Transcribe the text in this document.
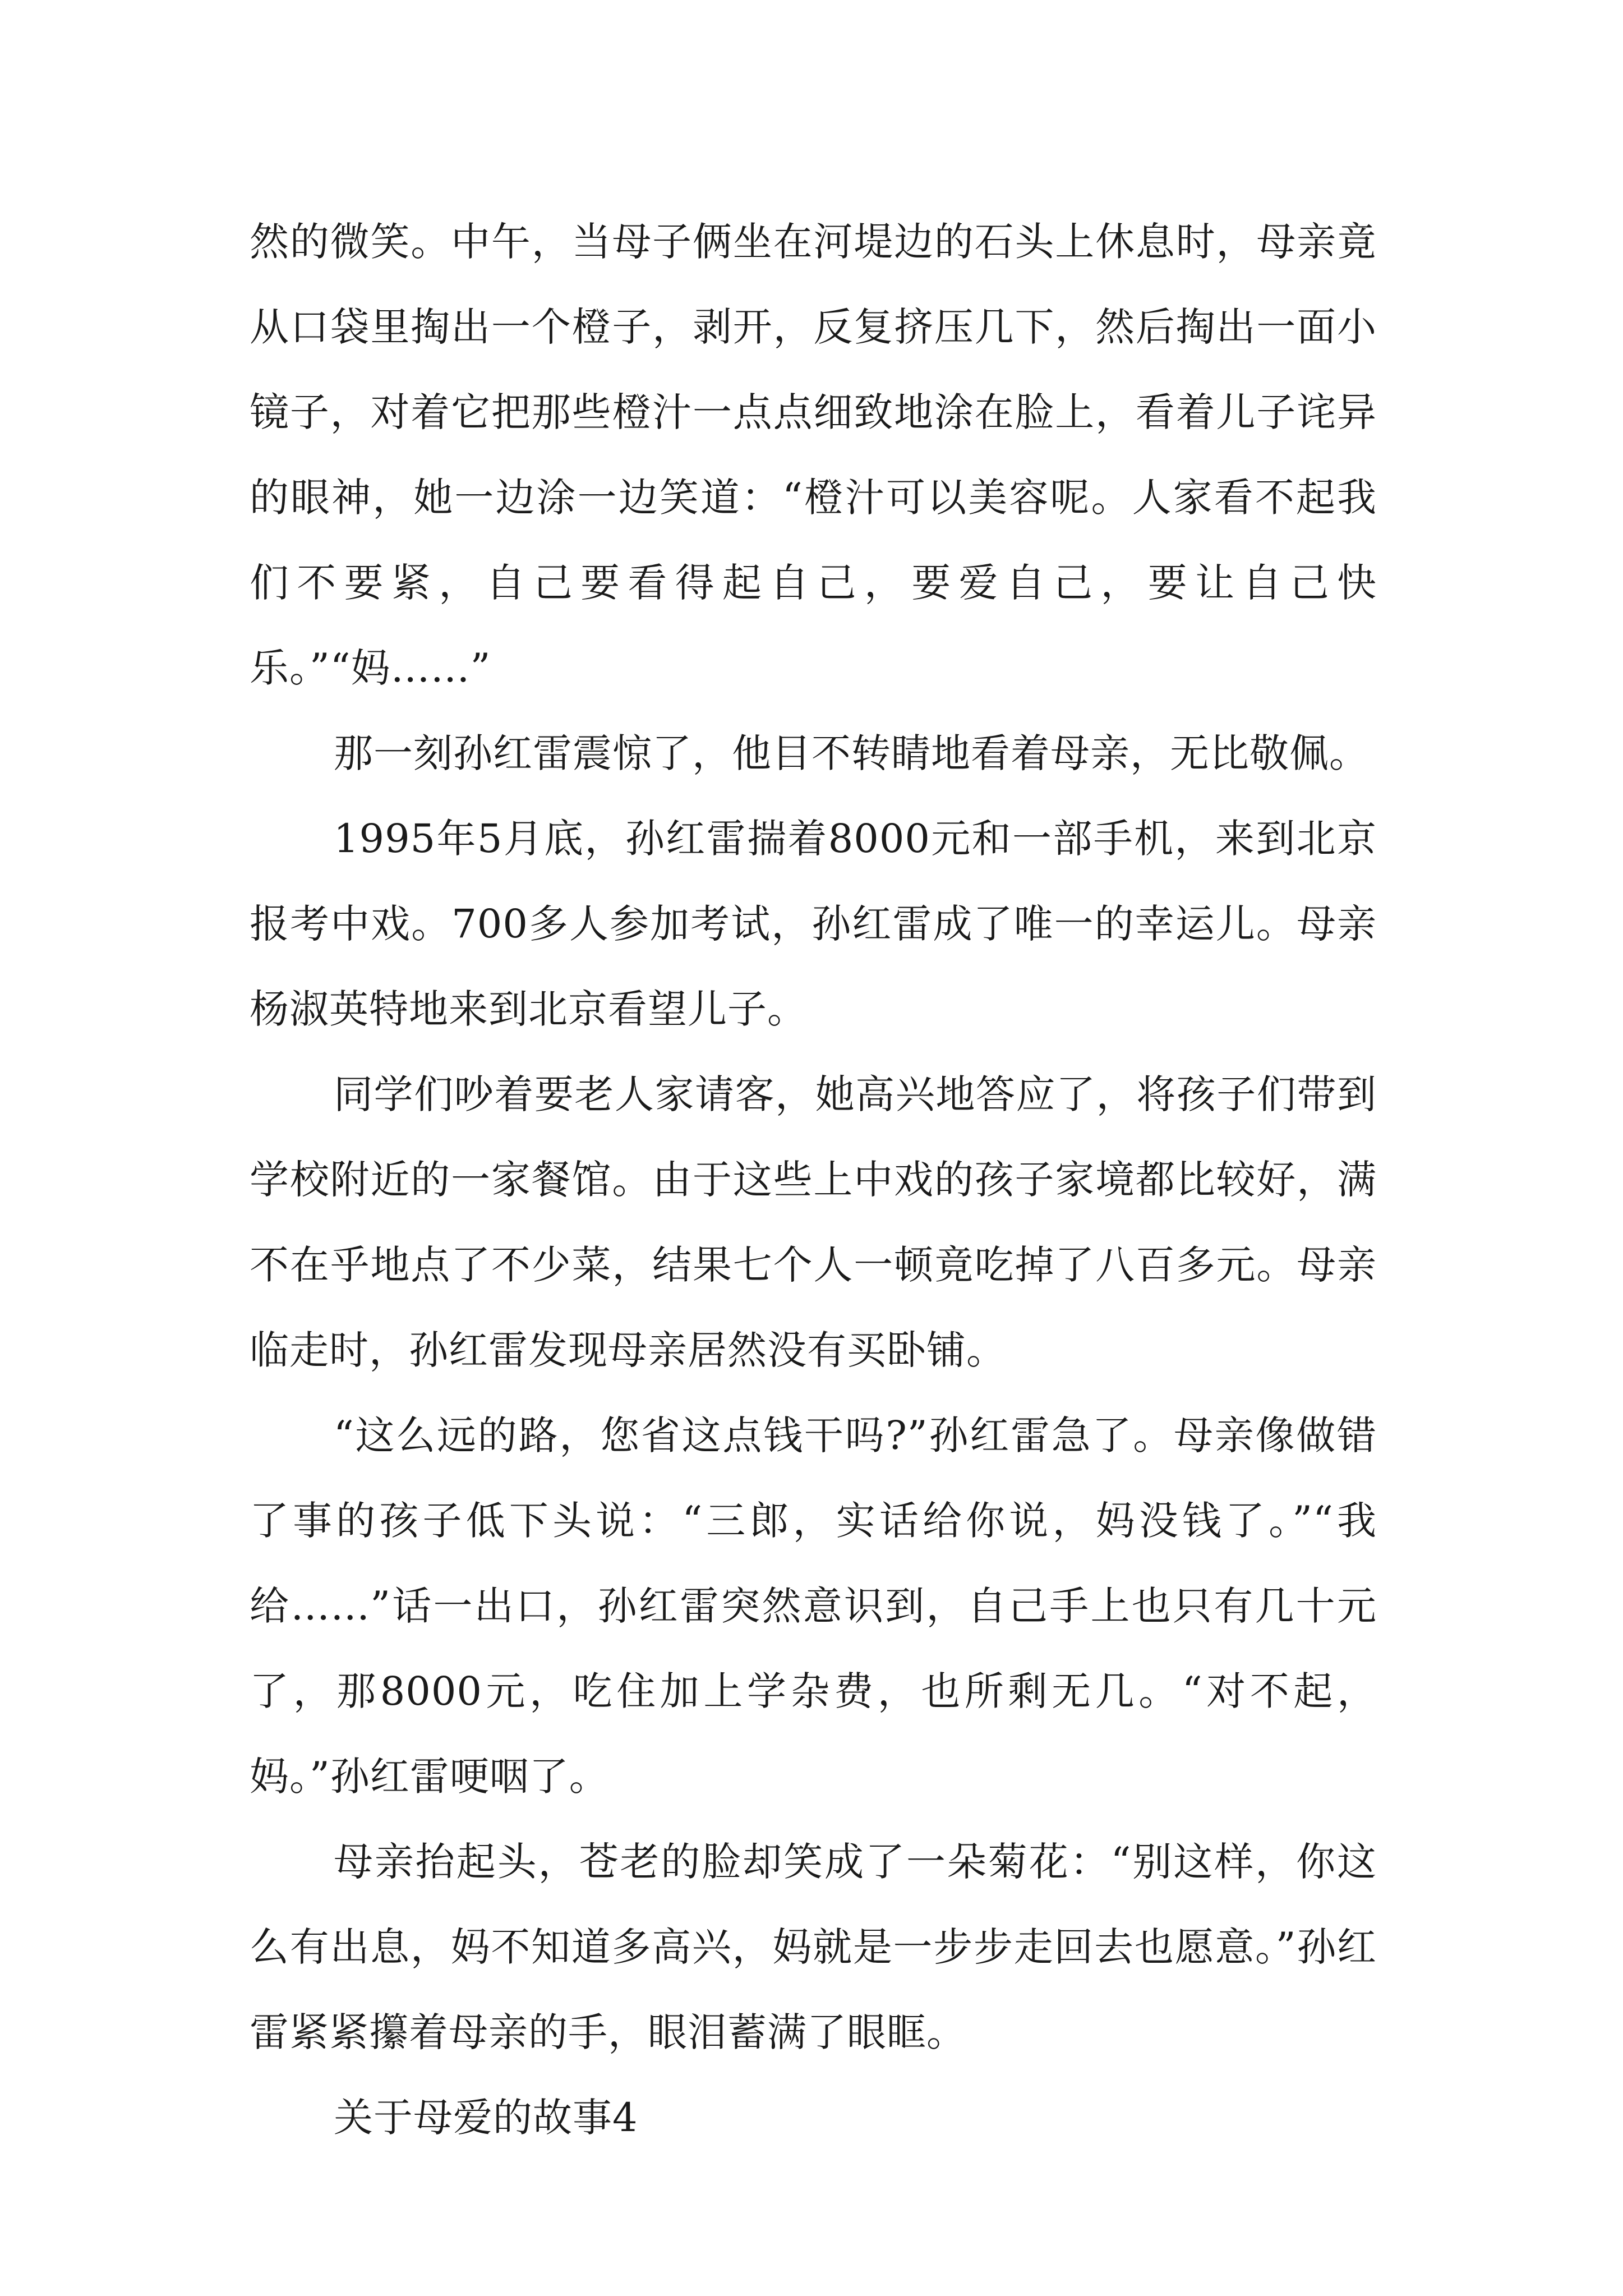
然的微笑。中午，当母子俩坐在河堤边的石头上休息时，母亲竟从口袋里掏出一个橙子，剥开，反复挤压几下，然后掏出一面小镜子，对着它把那些橙汁一点点细致地涂在脸上，看着儿子诧异的眼神，她一边涂一边笑道：“橙汁可以美容呢。人家看不起我们不要紧，自己要看得起自己，要爱自己，要让自己快乐。”“妈……”

那一刻孙红雷震惊了，他目不转睛地看着母亲，无比敬佩。

1995年5月底，孙红雷揣着8000元和一部手机，来到北京报考中戏。700多人参加考试，孙红雷成了唯一的幸运儿。母亲杨淑英特地来到北京看望儿子。

同学们吵着要老人家请客，她高兴地答应了，将孩子们带到学校附近的一家餐馆。由于这些上中戏的孩子家境都比较好，满不在乎地点了不少菜，结果七个人一顿竟吃掉了八百多元。母亲临走时，孙红雷发现母亲居然没有买卧铺。

“这么远的路，您省这点钱干吗?”孙红雷急了。母亲像做错了事的孩子低下头说：“三郎，实话给你说，妈没钱了。”“我给……”话一出口，孙红雷突然意识到，自己手上也只有几十元了，那8000元，吃住加上学杂费，也所剩无几。“对不起，妈。”孙红雷哽咽了。

母亲抬起头，苍老的脸却笑成了一朵菊花：“别这样，你这么有出息，妈不知道多高兴，妈就是一步步走回去也愿意。”孙红雷紧紧攥着母亲的手，眼泪蓄满了眼眶。

关于母爱的故事4
